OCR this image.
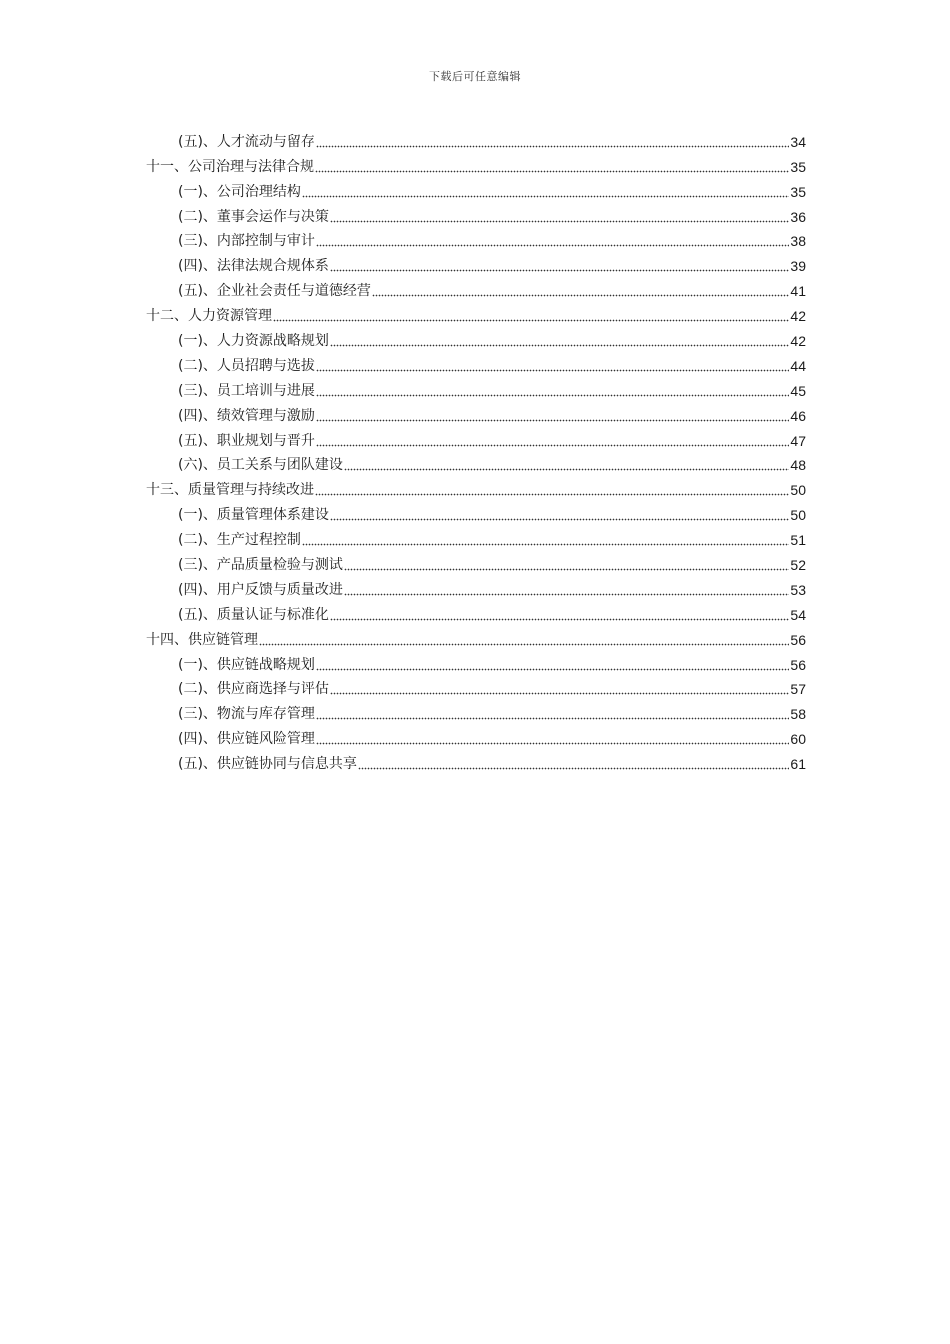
下载后可任意编辑
(五)、人才流动与留存	34
十一、公司治理与法律合规	35
(一)、公司治理结构	35
(二)、董事会运作与决策	36
(三)、内部控制与审计	38
(四)、法律法规合规体系	39
(五)、企业社会责任与道德经营	41
十二、人力资源管理	42
(一)、人力资源战略规划	42
(二)、人员招聘与选拔	44
(三)、员工培训与进展	45
(四)、绩效管理与激励	46
(五)、职业规划与晋升	47
(六)、员工关系与团队建设	48
十三、质量管理与持续改进	50
(一)、质量管理体系建设	50
(二)、生产过程控制	51
(三)、产品质量检验与测试	52
(四)、用户反馈与质量改进	53
(五)、质量认证与标准化	54
十四、供应链管理	56
(一)、供应链战略规划	56
(二)、供应商选择与评估	57
(三)、物流与库存管理	58
(四)、供应链风险管理	60
(五)、供应链协同与信息共享	61
